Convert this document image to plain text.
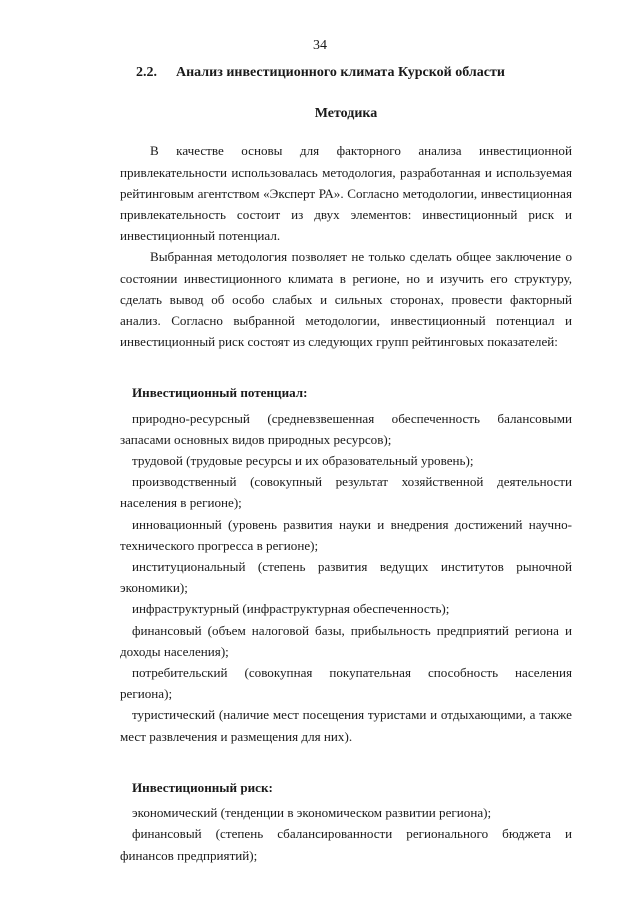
34
2.2. Анализ инвестиционного климата Курской области
Методика

В качестве основы для факторного анализа инвестиционной привлекательности использовалась методология, разработанная и используемая рейтинговым агентством «Эксперт РА». Согласно методологии, инвестиционная привлекательность состоит из двух элементов: инвестиционный риск и инвестиционный потенциал.

Выбранная методология позволяет не только сделать общее заключение о состоянии инвестиционного климата в регионе, но и изучить его структуру, сделать вывод об особо слабых и сильных сторонах, провести факторный анализ. Согласно выбранной методологии, инвестиционный потенциал и инвестиционный риск состоят из следующих групп рейтинговых показателей:

Инвестиционный потенциал:

природно-ресурсный (средневзвешенная обеспеченность балансовыми запасами основных видов природных ресурсов);

трудовой (трудовые ресурсы и их образовательный уровень);

производственный (совокупный результат хозяйственной деятельности населения в регионе);

инновационный (уровень развития науки и внедрения достижений научно-технического прогресса в регионе);

институциональный (степень развития ведущих институтов рыночной экономики);

инфраструктурный (инфраструктурная обеспеченность);

финансовый (объем налоговой базы, прибыльность предприятий региона и доходы населения);

потребительский (совокупная покупательная способность населения региона);

туристический (наличие мест посещения туристами и отдыхающими, а также мест развлечения и размещения для них).

Инвестиционный риск:

экономический (тенденции в экономическом развитии региона);

финансовый (степень сбалансированности регионального бюджета и финансов предприятий);
